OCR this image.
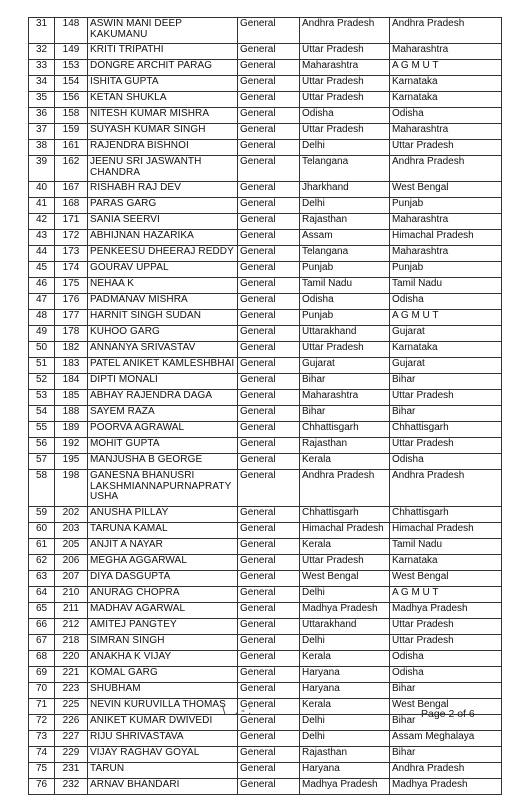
31	148	ASWIN MANI DEEP KAKUMANU	General	Andhra Pradesh	Andhra Pradesh
32	149	KRITI TRIPATHI	General	Uttar Pradesh	Maharashtra
33	153	DONGRE ARCHIT PARAG	General	Maharashtra	A G M U T
34	154	ISHITA GUPTA	General	Uttar Pradesh	Karnataka
35	156	KETAN SHUKLA	General	Uttar Pradesh	Karnataka
36	158	NITESH KUMAR MISHRA	General	Odisha	Odisha
37	159	SUYASH KUMAR SINGH	General	Uttar Pradesh	Maharashtra
38	161	RAJENDRA BISHNOI	General	Delhi	Uttar Pradesh
39	162	JEENU SRI JASWANTH CHANDRA	General	Telangana	Andhra Pradesh
40	167	RISHABH RAJ DEV	General	Jharkhand	West Bengal
41	168	PARAS GARG	General	Delhi	Punjab
42	171	SANIA SEERVI	General	Rajasthan	Maharashtra
43	172	ABHIJNAN HAZARIKA	General	Assam	Himachal Pradesh
44	173	PENKEESU DHEERAJ REDDY	General	Telangana	Maharashtra
45	174	GOURAV UPPAL	General	Punjab	Punjab
46	175	NEHAA K	General	Tamil Nadu	Tamil Nadu
47	176	PADMANAV MISHRA	General	Odisha	Odisha
48	177	HARNIT SINGH SUDAN	General	Punjab	A G M U T
49	178	KUHOO GARG	General	Uttarakhand	Gujarat
50	182	ANNANYA SRIVASTAV	General	Uttar Pradesh	Karnataka
51	183	PATEL ANIKET KAMLESHBHAI	General	Gujarat	Gujarat
52	184	DIPTI MONALI	General	Bihar	Bihar
53	185	ABHAY RAJENDRA DAGA	General	Maharashtra	Uttar Pradesh
54	188	SAYEM RAZA	General	Bihar	Bihar
55	189	POORVA AGRAWAL	General	Chhattisgarh	Chhattisgarh
56	192	MOHIT GUPTA	General	Rajasthan	Uttar Pradesh
57	195	MANJUSHA B GEORGE	General	Kerala	Odisha
58	198	GANESNA BHANUSRI LAKSHMIANNAPURNAPRATY USHA	General	Andhra Pradesh	Andhra Pradesh
59	202	ANUSHA PILLAY	General	Chhattisgarh	Chhattisgarh
60	203	TARUNA KAMAL	General	Himachal Pradesh	Himachal Pradesh
61	205	ANJIT A NAYAR	General	Kerala	Tamil Nadu
62	206	MEGHA AGGARWAL	General	Uttar Pradesh	Karnataka
63	207	DIYA DASGUPTA	General	West Bengal	West Bengal
64	210	ANURAG CHOPRA	General	Delhi	A G M U T
65	211	MADHAV AGARWAL	General	Madhya Pradesh	Madhya Pradesh
66	212	AMITEJ PANGTEY	General	Uttarakhand	Uttar Pradesh
67	218	SIMRAN SINGH	General	Delhi	Uttar Pradesh
68	220	ANAKHA K VIJAY	General	Kerala	Odisha
69	221	KOMAL GARG	General	Haryana	Odisha
70	223	SHUBHAM	General	Haryana	Bihar
71	225	NEVIN KURUVILLA THOMAS	General	Kerala	West Bengal
72	226	ANIKET KUMAR DWIVEDI	General	Delhi	Bihar
73	227	RIJU SHRIVASTAVA	General	Delhi	Assam Meghalaya
74	229	VIJAY RAGHAV GOYAL	General	Rajasthan	Bihar
75	231	TARUN	General	Haryana	Andhra Pradesh
76	232	ARNAV BHANDARI	General	Madhya Pradesh	Madhya Pradesh
\ .-:	Page 2 of 6
